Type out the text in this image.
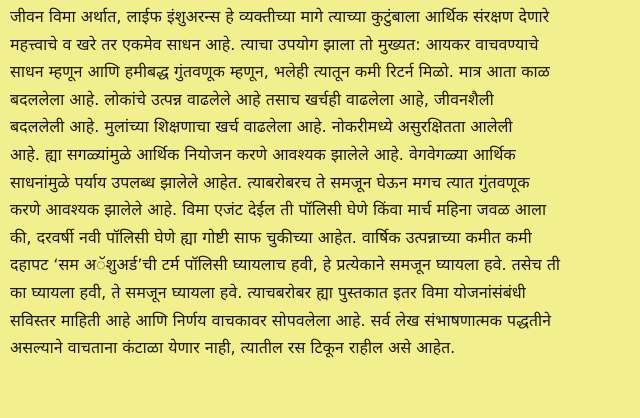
जीवन विमा अर्थात, लाईफ इंशुअरन्स हे व्यक्तीच्या मागे त्याच्या कुटुंबाला आर्थिक संरक्षण देणारे
महत्त्वाचे व खरे तर एकमेव साधन आहे. त्याचा उपयोग झाला तो मुख्यत: आयकर वाचवण्याचे
साधन म्हणून आणि हमीबद्ध गुंतवणूक म्हणून, भलेही त्यातून कमी रिटर्न मिळो. मात्र आता काळ
बदललेला आहे. लोकांचे उत्पन्न वाढलेले आहे तसाच खर्चही वाढलेला आहे, जीवनशैली
बदललेली आहे. मुलांच्या शिक्षणाचा खर्च वाढलेला आहे. नोकरीमध्ये असुरक्षितता आलेली
आहे. ह्या सगळ्यांमुळे आर्थिक नियोजन करणे आवश्यक झालेले आहे. वेगवेगळ्या आर्थिक
साधनांमुळे पर्याय उपलब्ध झालेले आहेत. त्याबरोबरच ते समजून घेऊन मगच त्यात गुंतवणूक
करणे आवश्यक झालेले आहे. विमा एजंट देईल ती पॉलिसी घेणे किंवा मार्च महिना जवळ आला
की, दरवर्षी नवी पॉलिसी घेणे ह्या गोष्टी साफ चुकीच्या आहेत. वार्षिक उत्पन्नाच्या कमीत कमी
दहापट ‘सम अॅशुअर्ड’ची टर्म पॉलिसी घ्यायलाच हवी, हे प्रत्येकाने समजून घ्यायला हवे. तसेच ती
का घ्यायला हवी, ते समजून घ्यायला हवे. त्याचबरोबर ह्या पुस्तकात इतर विमा योजनांसंबंधी
सविस्तर माहिती आहे आणि निर्णय वाचकावर सोपवलेला आहे. सर्व लेख संभाषणात्मक पद्धतीने
असल्याने वाचताना कंटाळा येणार नाही, त्यातील रस टिकून राहील असे आहेत.
